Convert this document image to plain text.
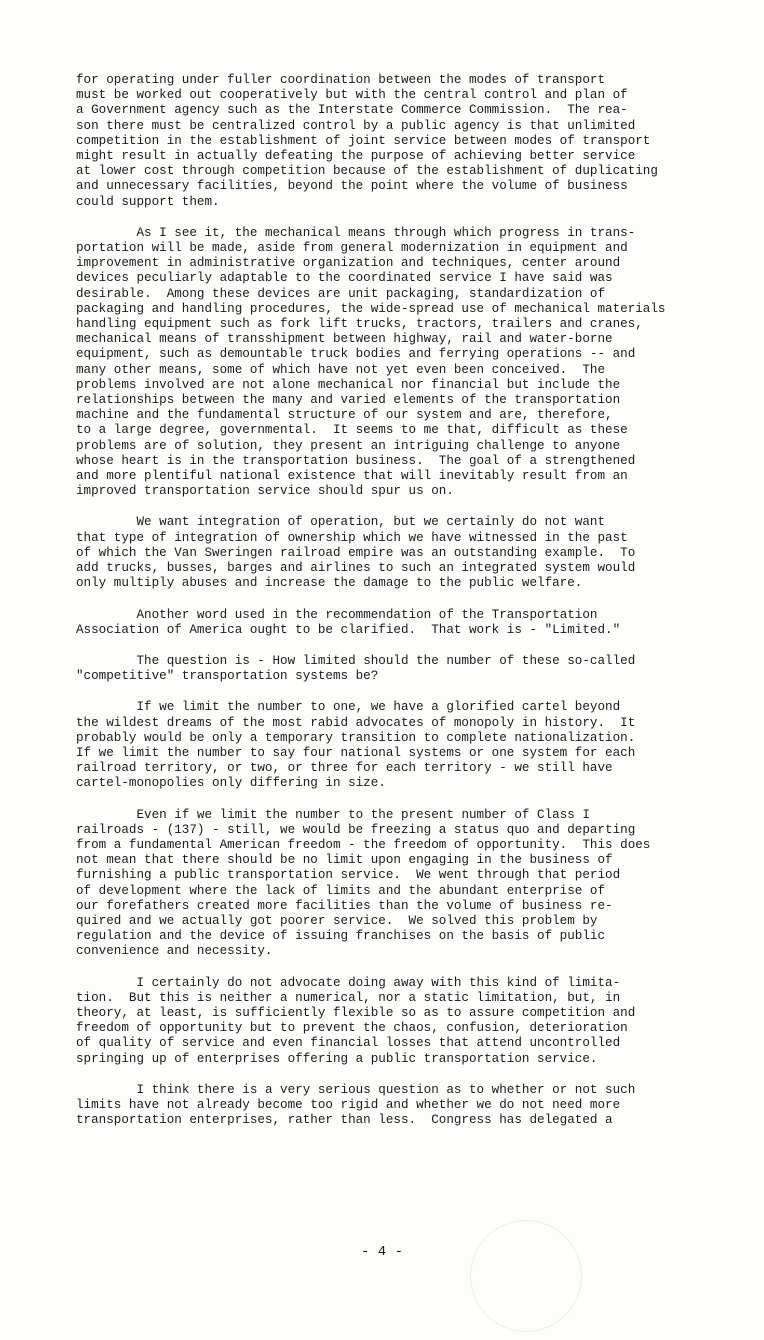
for operating under fuller coordination between the modes of transport
must be worked out cooperatively but with the central control and plan of
a Government agency such as the Interstate Commerce Commission.  The rea-
son there must be centralized control by a public agency is that unlimited
competition in the establishment of joint service between modes of transport
might result in actually defeating the purpose of achieving better service
at lower cost through competition because of the establishment of duplicating
and unnecessary facilities, beyond the point where the volume of business
could support them.

As I see it, the mechanical means through which progress in trans-
portation will be made, aside from general modernization in equipment and
improvement in administrative organization and techniques, center around
devices peculiarly adaptable to the coordinated service I have said was
desirable.  Among these devices are unit packaging, standardization of
packaging and handling procedures, the wide-spread use of mechanical materials
handling equipment such as fork lift trucks, tractors, trailers and cranes,
mechanical means of transshipment between highway, rail and water-borne
equipment, such as demountable truck bodies and ferrying operations -- and
many other means, some of which have not yet even been conceived.  The
problems involved are not alone mechanical nor financial but include the
relationships between the many and varied elements of the transportation
machine and the fundamental structure of our system and are, therefore,
to a large degree, governmental.  It seems to me that, difficult as these
problems are of solution, they present an intriguing challenge to anyone
whose heart is in the transportation business.  The goal of a strengthened
and more plentiful national existence that will inevitably result from an
improved transportation service should spur us on.

We want integration of operation, but we certainly do not want
that type of integration of ownership which we have witnessed in the past
of which the Van Sweringen railroad empire was an outstanding example.  To
add trucks, busses, barges and airlines to such an integrated system would
only multiply abuses and increase the damage to the public welfare.

Another word used in the recommendation of the Transportation
Association of America ought to be clarified.  That work is - "Limited."

The question is - How limited should the number of these so-called
"competitive" transportation systems be?

If we limit the number to one, we have a glorified cartel beyond
the wildest dreams of the most rabid advocates of monopoly in history.  It
probably would be only a temporary transition to complete nationalization.
If we limit the number to say four national systems or one system for each
railroad territory, or two, or three for each territory - we still have
cartel-monopolies only differing in size.

Even if we limit the number to the present number of Class I
railroads - (137) - still, we would be freezing a status quo and departing
from a fundamental American freedom - the freedom of opportunity.  This does
not mean that there should be no limit upon engaging in the business of
furnishing a public transportation service.  We went through that period
of development where the lack of limits and the abundant enterprise of
our forefathers created more facilities than the volume of business re-
quired and we actually got poorer service.  We solved this problem by
regulation and the device of issuing franchises on the basis of public
convenience and necessity.

I certainly do not advocate doing away with this kind of limita-
tion.  But this is neither a numerical, nor a static limitation, but, in
theory, at least, is sufficiently flexible so as to assure competition and
freedom of opportunity but to prevent the chaos, confusion, deterioration
of quality of service and even financial losses that attend uncontrolled
springing up of enterprises offering a public transportation service.

I think there is a very serious question as to whether or not such
limits have not already become too rigid and whether we do not need more
transportation enterprises, rather than less.  Congress has delegated a

- 4 -
